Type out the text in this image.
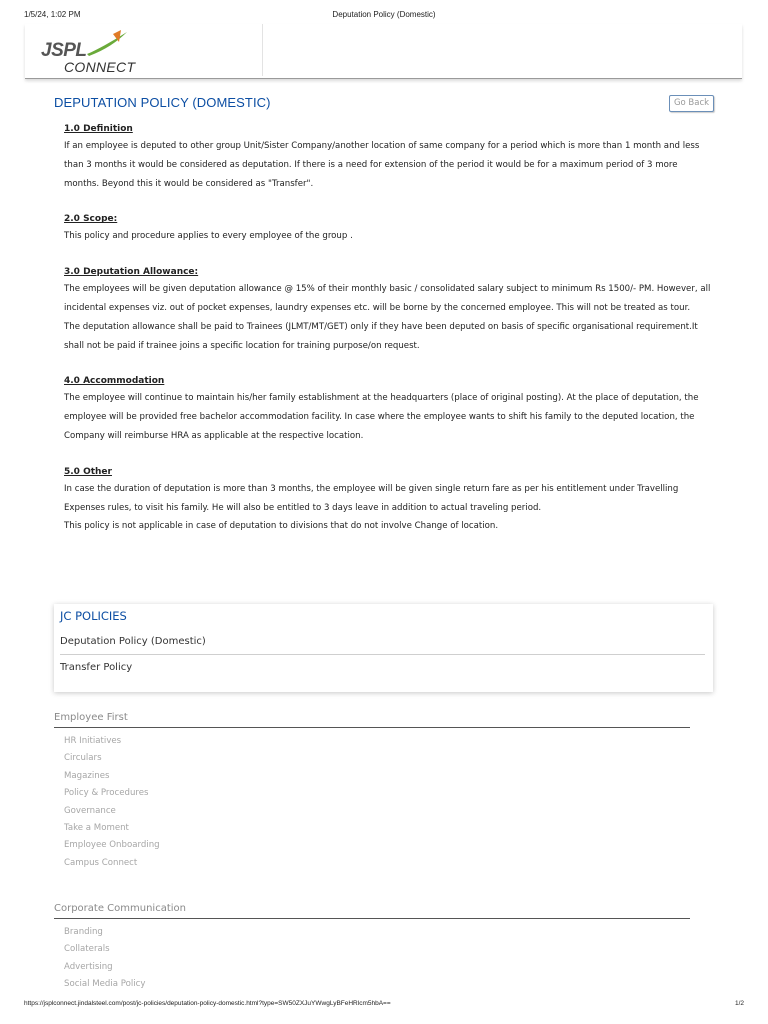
1/5/24, 1:02 PM	Deputation Policy (Domestic)
JSPL
CONNECT
DEPUTATION POLICY (DOMESTIC)	Go Back
1.0 Definition

If an employee is deputed to other group Unit/Sister Company/another location of same company for a period which is more than 1 month and less than 3 months it would be considered as deputation. If there is a need for extension of the period it would be for a maximum period of 3 more months. Beyond this it would be considered as "Transfer".

2.0 Scope:

This policy and procedure applies to every employee of the group .

3.0 Deputation Allowance:

The employees will be given deputation allowance @ 15% of their monthly basic / consolidated salary subject to minimum Rs 1500/- PM. However, all incidental expenses viz. out of pocket expenses, laundry expenses etc. will be borne by the concerned employee. This will not be treated as tour.

The deputation allowance shall be paid to Trainees (JLMT/MT/GET) only if they have been deputed on basis of specific organisational requirement.It shall not be paid if trainee joins a specific location for training purpose/on request.

4.0 Accommodation

The employee will continue to maintain his/her family establishment at the headquarters (place of original posting). At the place of deputation, the employee will be provided free bachelor accommodation facility. In case where the employee wants to shift his family to the deputed location, the Company will reimburse HRA as applicable at the respective location.

5.0 Other

In case the duration of deputation is more than 3 months, the employee will be given single return fare as per his entitlement under Travelling Expenses rules, to visit his family. He will also be entitled to 3 days leave in addition to actual traveling period.

This policy is not applicable in case of deputation to divisions that do not involve Change of location.

JC POLICIES
Deputation Policy (Domestic)
Transfer Policy
Employee First
HR Initiatives
Circulars
Magazines
Policy & Procedures
Governance
Take a Moment
Employee Onboarding
Campus Connect
Corporate Communication
Branding
Collaterals
Advertising
Social Media Policy
https://jsplconnect.jindalsteel.com/post/jc-policies/deputation-policy-domestic.html?type=SW50ZXJuYWwgLyBFeHRlcm5hbA==	1/2
